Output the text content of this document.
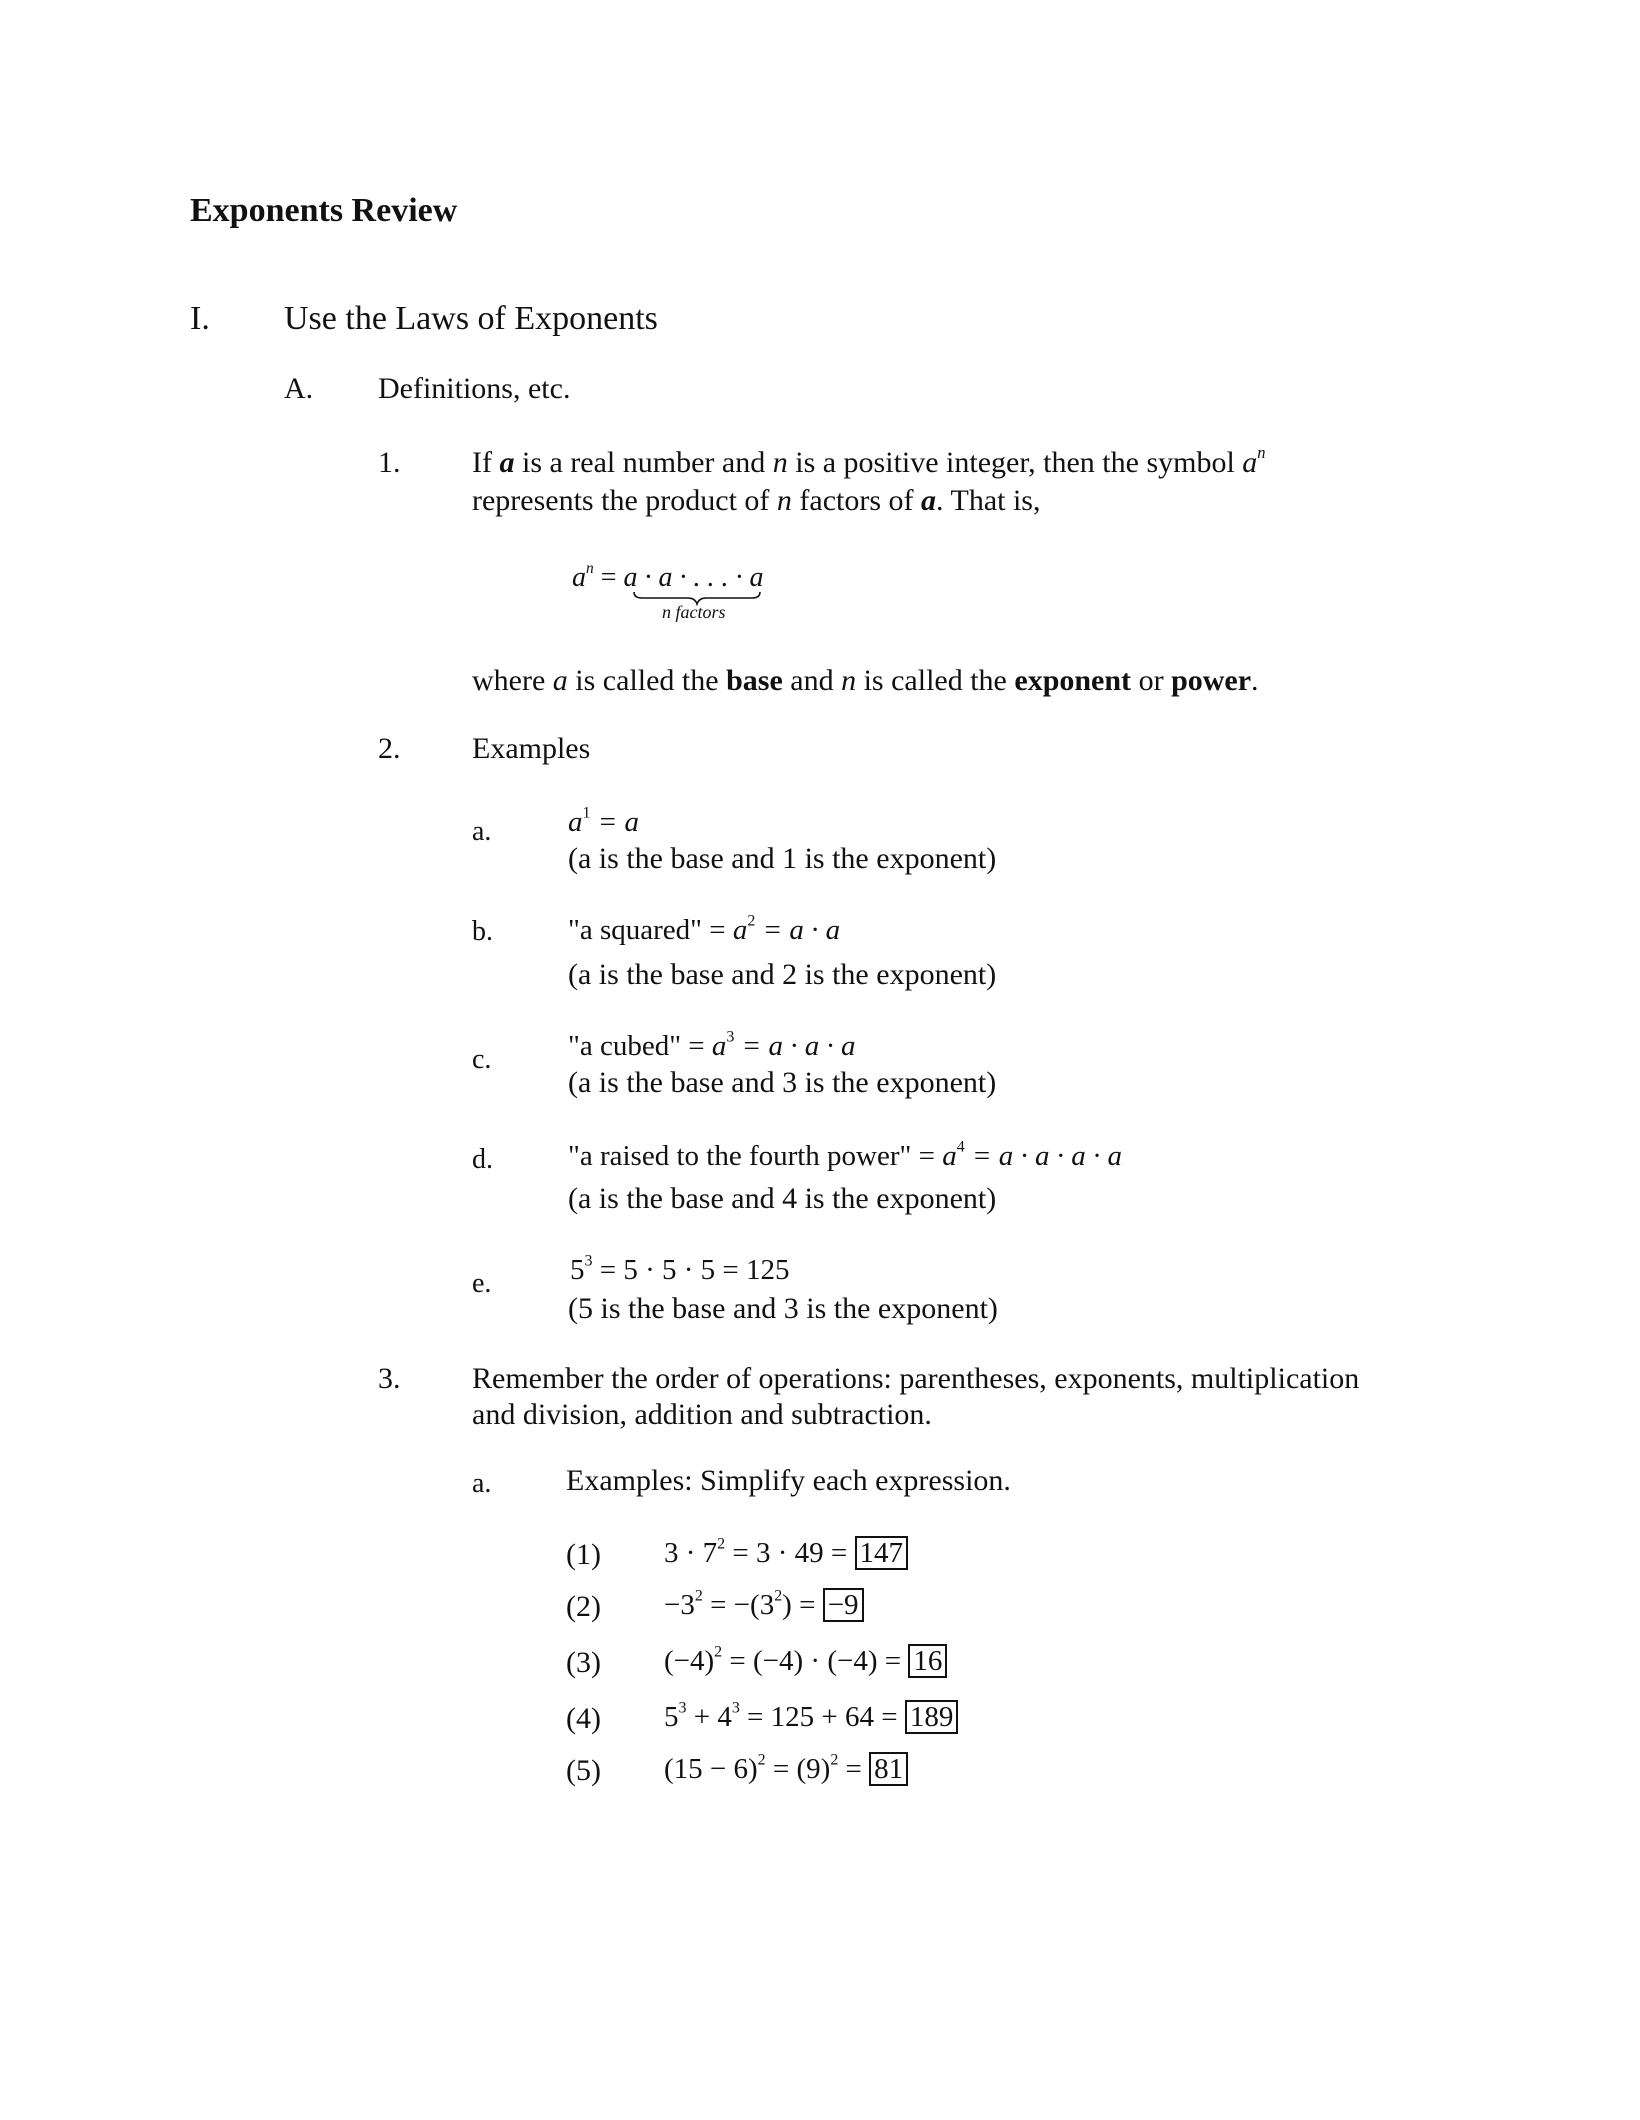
Exponents Review
I. Use the Laws of Exponents
A. Definitions, etc.
1. If a is a real number and n is a positive integer, then the symbol $a^n$
represents the product of n factors of a. That is,
$a^n = a \cdot a$ · . . . · a
n factors
where a is called the base and n is called the exponent or power.
2. Examples
a.	$a^1 = a$
(a is the base and 1 is the exponent)
b.	"a squared" = $a^2 = a \cdot a$
(a is the base and 2 is the exponent)
c.	"a cubed" = $a^3 = a \cdot a \cdot a$
(a is the base and 3 is the exponent)
d.	"a raised to the fourth power" = $a^4 = a \cdot a \cdot a \cdot a$
(a is the base and 4 is the exponent)
e.	$5^3 = 5 \cdot 5 \cdot 5 = 125$
(5 is the base and 3 is the exponent)
3. Remember the order of operations: parentheses, exponents, multiplication
and division, addition and subtraction.
a. Examples: Simplify each expression.
(1) $3 \cdot 7^2 = 3 \cdot 49 = 147$
$(2) -3^2 = -(3^2) = -9$
(3) $(-4)^2 = (-4) \cdot (-4) = 16$
(4) $5^3 + 4^3 = 125 + 64 = 189$
(5) $(15 - 6)^2 = (9)^2 = 81$
